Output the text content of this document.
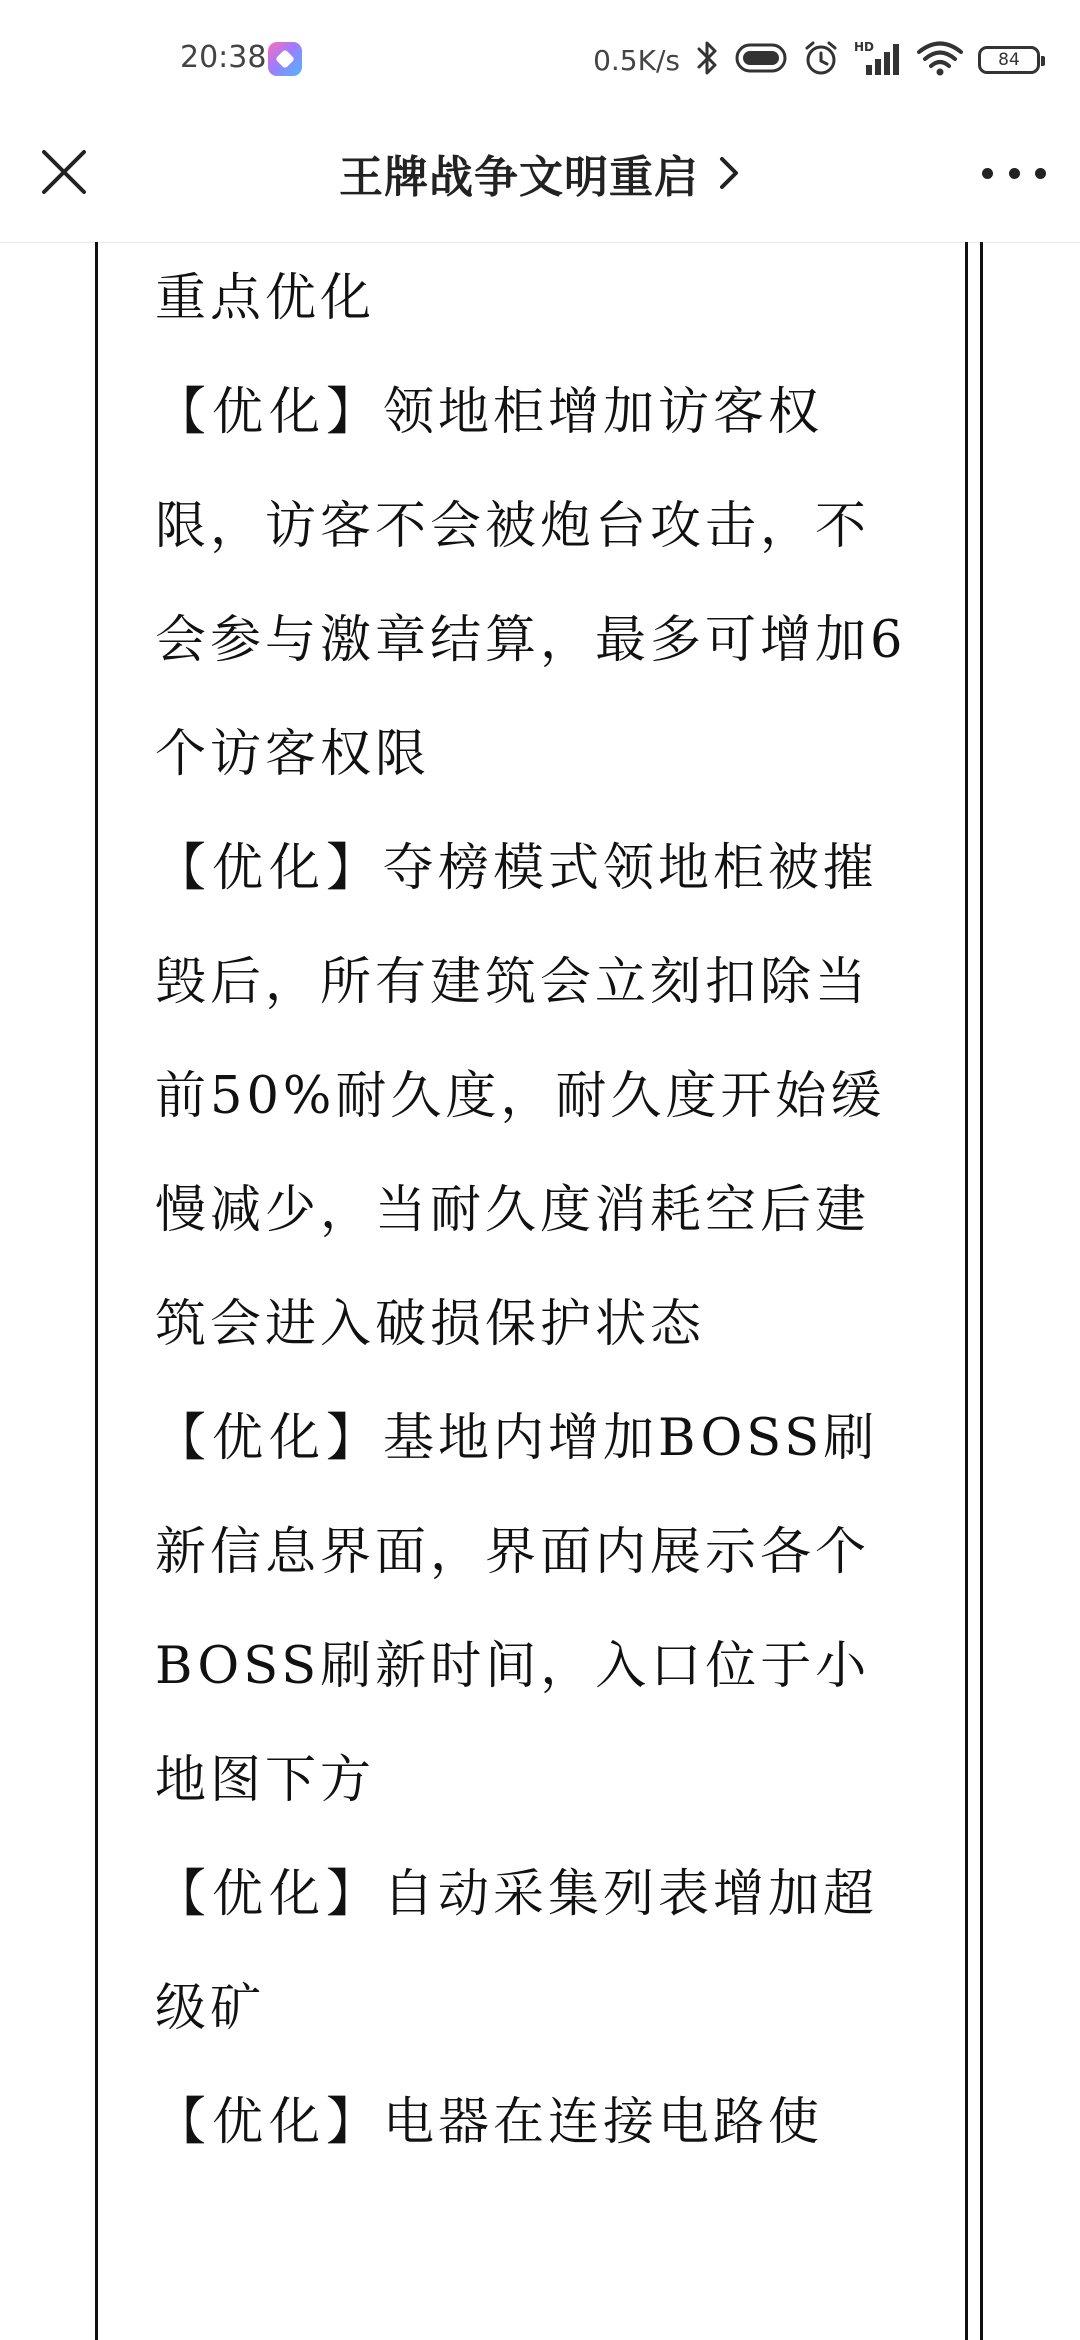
20:38	0.5K/s	HD
84
王牌战争文明重启

重点优化

【优化】领地柜增加访客权限，访客不会被炮台攻击，不会参与激章结算，最多可增加6个访客权限

【优化】夺榜模式领地柜被摧毁后，所有建筑会立刻扣除当前50%耐久度，耐久度开始缓慢减少，当耐久度消耗空后建筑会进入破损保护状态

【优化】基地内增加BOSS刷新信息界面，界面内展示各个BOSS刷新时间，入口位于小地图下方

【优化】自动采集列表增加超级矿

【优化】电器在连接电路使
